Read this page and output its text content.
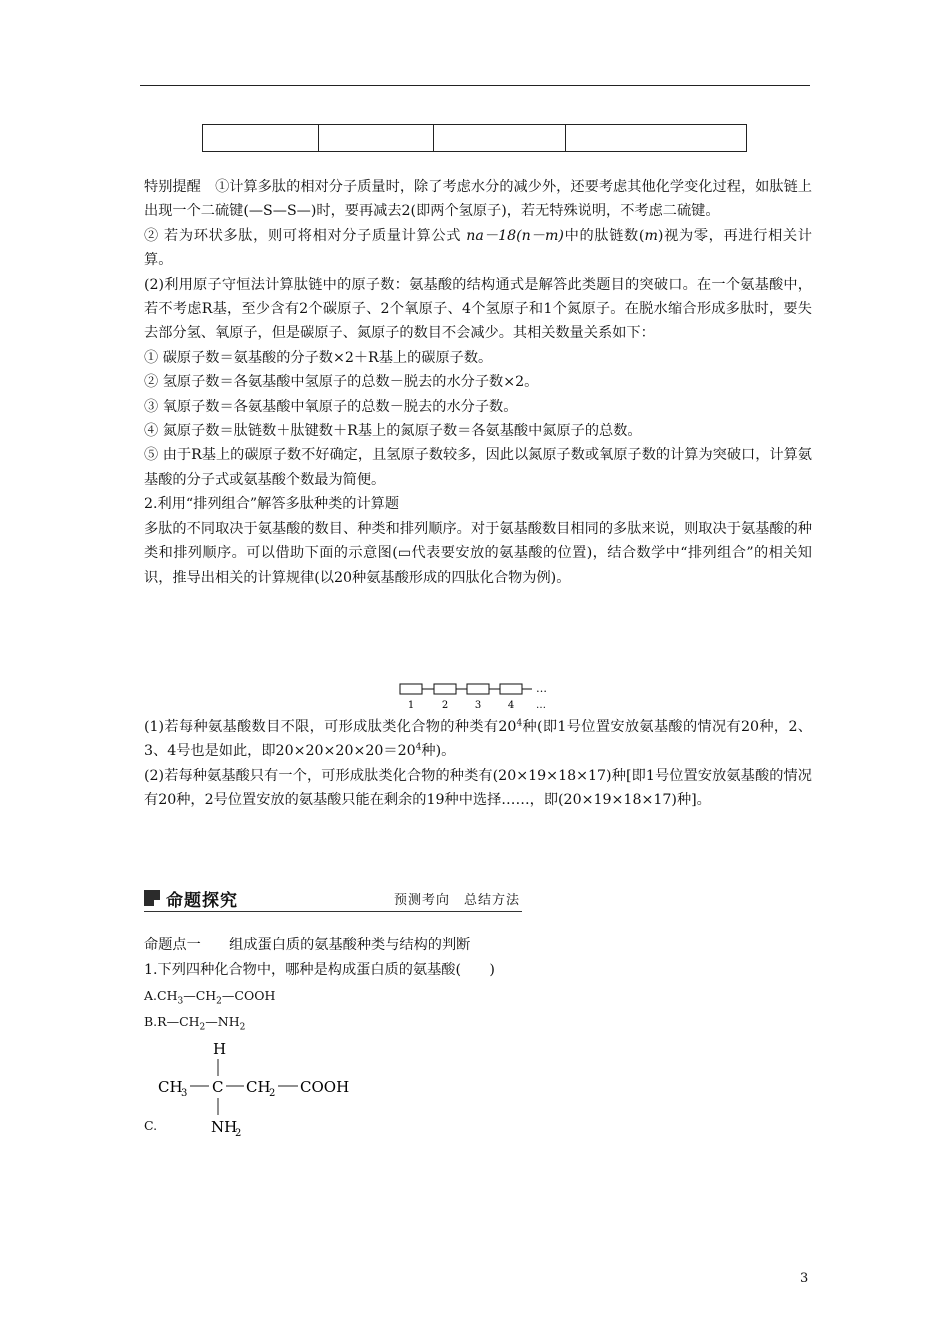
特别提醒　①计算多肽的相对分子质量时，除了考虑水分的减少外，还要考虑其他化学变化过程，如肽链上出现一个二硫键(—S—S—)时，要再减去2(即两个氢原子)，若无特殊说明，不考虑二硫键。

② 若为环状多肽，则可将相对分子质量计算公式 na－18(n－m)中的肽链数(m)视为零，再进行相关计算。

(2)利用原子守恒法计算肽链中的原子数：氨基酸的结构通式是解答此类题目的突破口。在一个氨基酸中，若不考虑R基，至少含有2个碳原子、2个氧原子、4个氢原子和1个氮原子。在脱水缩合形成多肽时，要失去部分氢、氧原子，但是碳原子、氮原子的数目不会减少。其相关数量关系如下：

① 碳原子数＝氨基酸的分子数×2＋R基上的碳原子数。

② 氢原子数＝各氨基酸中氢原子的总数－脱去的水分子数×2。

③ 氧原子数＝各氨基酸中氧原子的总数－脱去的水分子数。

④ 氮原子数＝肽链数＋肽键数＋R基上的氮原子数＝各氨基酸中氮原子的总数。

⑤ 由于R基上的碳原子数不好确定，且氢原子数较多，因此以氮原子数或氧原子数的计算为突破口，计算氨基酸的分子式或氨基酸个数最为简便。

2.利用“排列组合”解答多肽种类的计算题

多肽的不同取决于氨基酸的数目、种类和排列顺序。对于氨基酸数目相同的多肽来说，则取决于氨基酸的种类和排列顺序。可以借助下面的示意图(▭代表要安放的氨基酸的位置)，结合数学中“排列组合”的相关知识，推导出相关的计算规律(以20种氨基酸形成的四肽化合物为例)。

…
1	2	3	4 …

(1)若每种氨基酸数目不限，可形成肽类化合物的种类有$20^4$种(即1号位置安放氨基酸的情况有20种，2、3、4号也是如此，即$20\times 20\times 20\times 20=20^4$种)。

(2)若每种氨基酸只有一个，可形成肽类化合物的种类有(20×19×18×17)种[即1号位置安放氨基酸的情况有20种，2号位置安放的氨基酸只能在剩余的19种中选择……，即(20×19×18×17)种]。

命题探究	预测考向　总结方法

命题点一　　组成蛋白质的氨基酸种类与结构的判断

1.下列四种化合物中，哪种是构成蛋白质的氨基酸(　　)

$A.CH_3—CH_2—COOH$

$B.R—CH_2—NH_2$

H
CH
3 C CH
2 COOH
NH
2
C.
3
